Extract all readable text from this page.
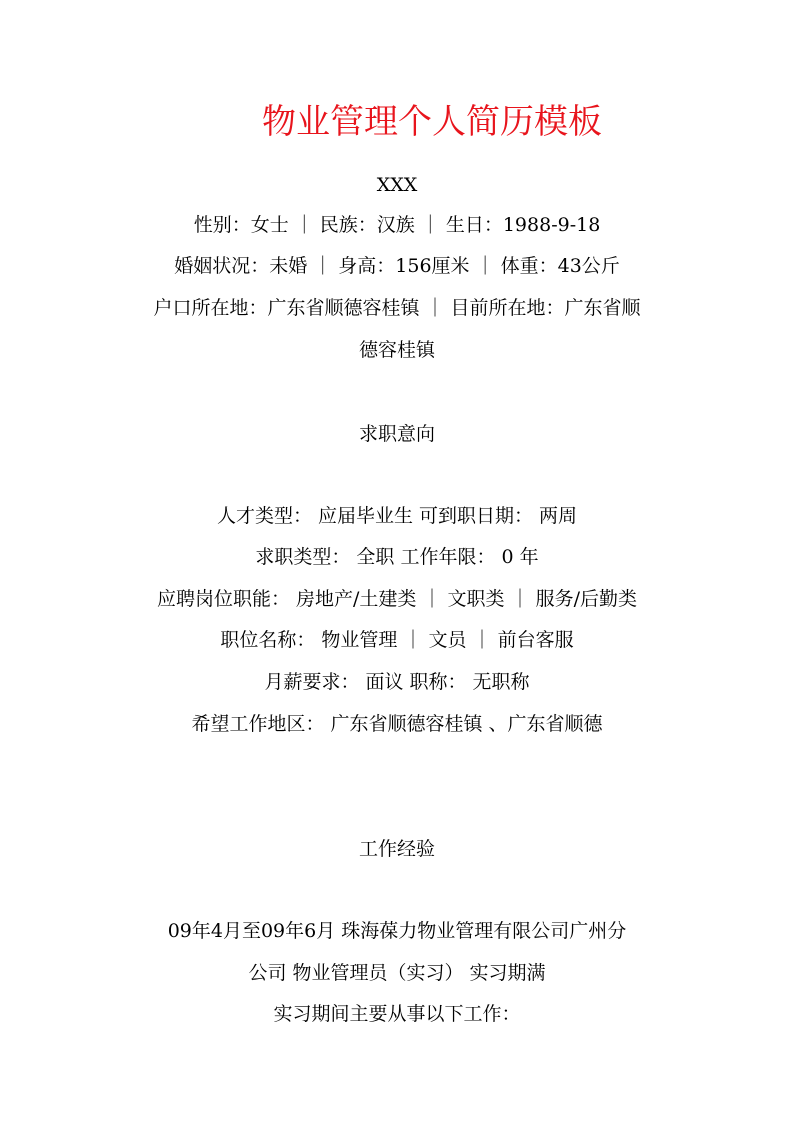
物业管理个人简历模板
XXX
性别：女士 ｜ 民族：汉族 ｜ 生日：1988-9-18
婚姻状况：未婚 ｜ 身高：156厘米 ｜ 体重：43公斤
户口所在地：广东省顺德容桂镇 ｜ 目前所在地：广东省顺
德容桂镇
求职意向
人才类型： 应届毕业生 可到职日期： 两周
求职类型： 全职 工作年限： 0 年
应聘岗位职能： 房地产/土建类 ｜ 文职类 ｜ 服务/后勤类
职位名称： 物业管理 ｜ 文员 ｜ 前台客服
月薪要求： 面议 职称： 无职称
希望工作地区： 广东省顺德容桂镇 、广东省顺德
工作经验
09年4月至09年6月 珠海葆力物业管理有限公司广州分
公司 物业管理员（实习） 实习期满
实习期间主要从事以下工作：
